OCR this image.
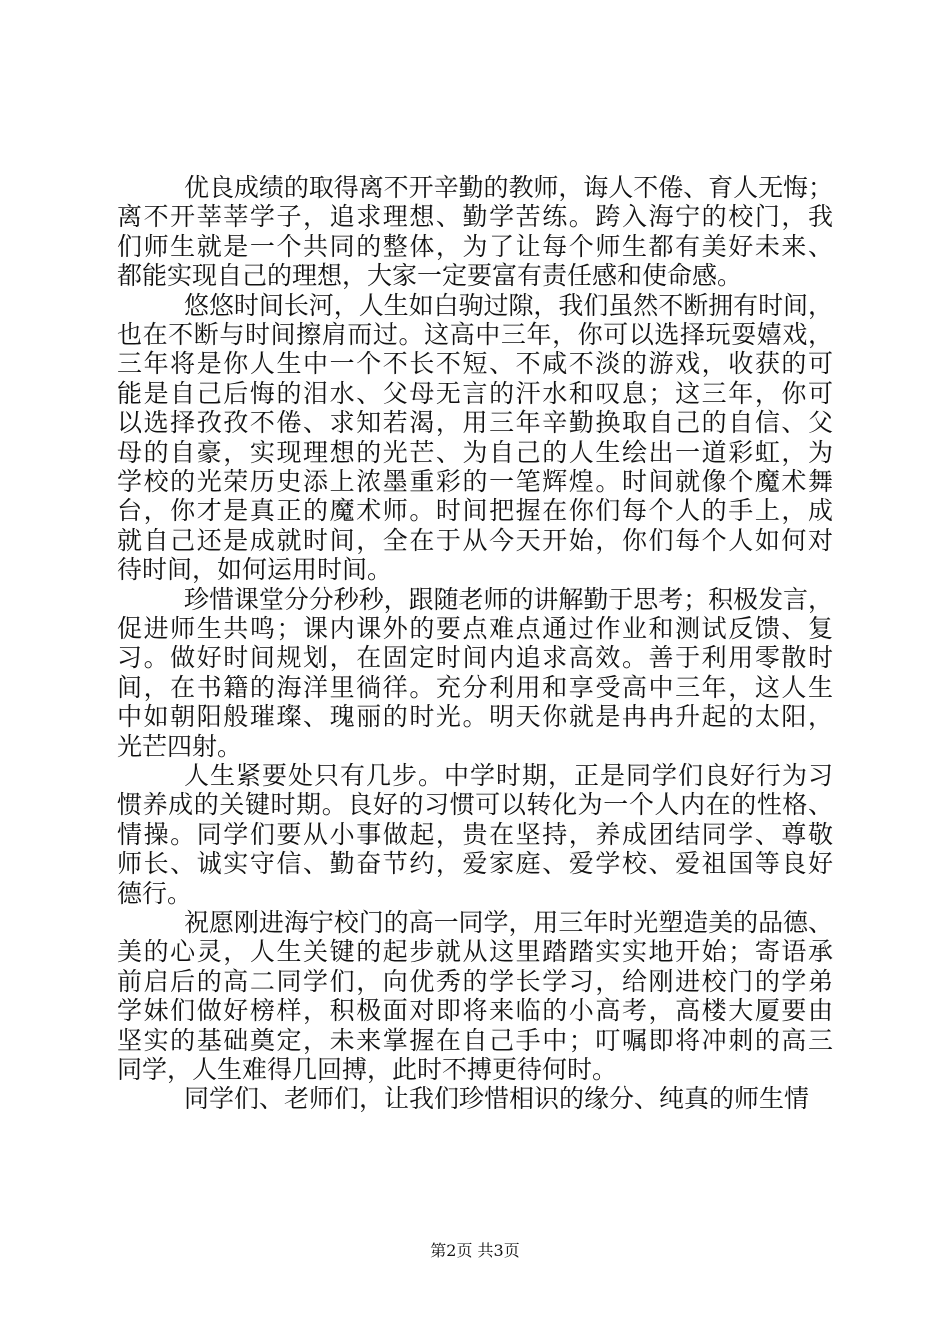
优良成绩的取得离不开辛勤的教师，诲人不倦、育人无悔；
离不开莘莘学子，追求理想、勤学苦练。跨入海宁的校门，我
们师生就是一个共同的整体，为了让每个师生都有美好未来、
都能实现自己的理想，大家一定要富有责任感和使命感。
悠悠时间长河，人生如白驹过隙，我们虽然不断拥有时间，
也在不断与时间擦肩而过。这高中三年，你可以选择玩耍嬉戏，
三年将是你人生中一个不长不短、不咸不淡的游戏，收获的可
能是自己后悔的泪水、父母无言的汗水和叹息；这三年，你可
以选择孜孜不倦、求知若渴，用三年辛勤换取自己的自信、父
母的自豪，实现理想的光芒、为自己的人生绘出一道彩虹，为
学校的光荣历史添上浓墨重彩的一笔辉煌。时间就像个魔术舞
台，你才是真正的魔术师。时间把握在你们每个人的手上，成
就自己还是成就时间，全在于从今天开始，你们每个人如何对
待时间，如何运用时间。
珍惜课堂分分秒秒，跟随老师的讲解勤于思考；积极发言，
促进师生共鸣；课内课外的要点难点通过作业和测试反馈、复
习。做好时间规划，在固定时间内追求高效。善于利用零散时
间，在书籍的海洋里徜徉。充分利用和享受高中三年，这人生
中如朝阳般璀璨、瑰丽的时光。明天你就是冉冉升起的太阳，
光芒四射。
人生紧要处只有几步。中学时期，正是同学们良好行为习
惯养成的关键时期。良好的习惯可以转化为一个人内在的性格、
情操。同学们要从小事做起，贵在坚持，养成团结同学、尊敬
师长、诚实守信、勤奋节约，爱家庭、爱学校、爱祖国等良好
德行。
祝愿刚进海宁校门的高一同学，用三年时光塑造美的品德、
美的心灵，人生关键的起步就从这里踏踏实实地开始；寄语承
前启后的高二同学们，向优秀的学长学习，给刚进校门的学弟
学妹们做好榜样，积极面对即将来临的小高考，高楼大厦要由
坚实的基础奠定，未来掌握在自己手中；叮嘱即将冲刺的高三
同学，人生难得几回搏，此时不搏更待何时。
同学们、老师们，让我们珍惜相识的缘分、纯真的师生情
第2页 共3页
